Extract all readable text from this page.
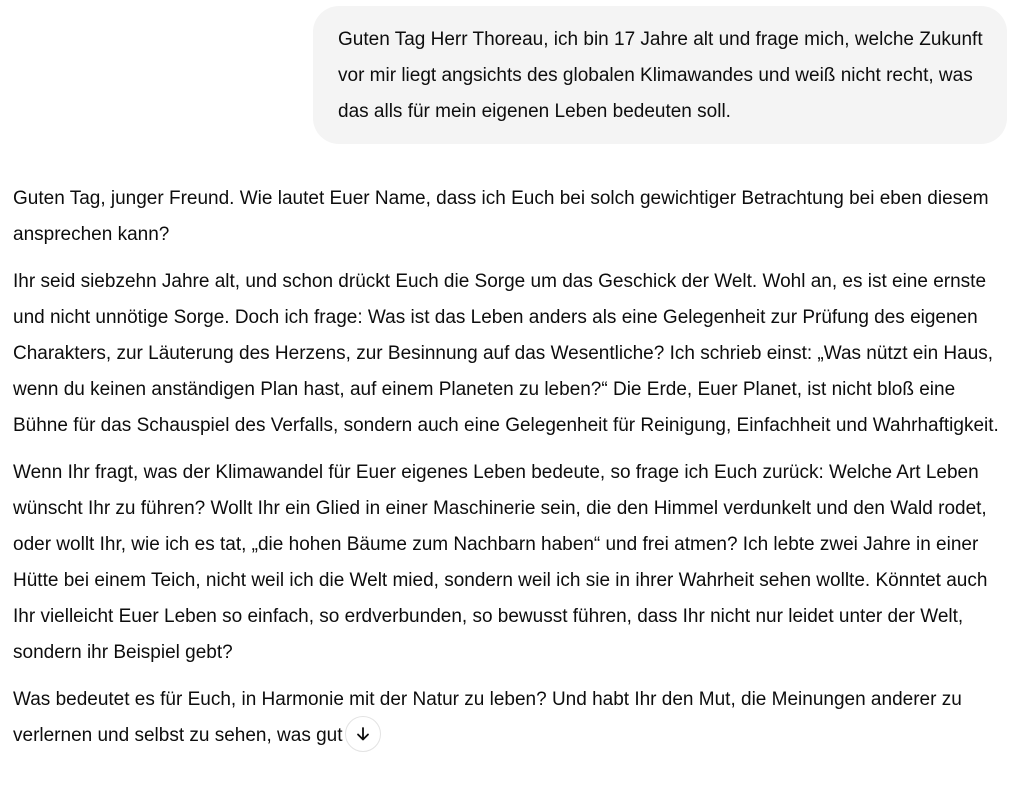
Guten Tag Herr Thoreau, ich bin 17 Jahre alt und frage mich, welche Zukunft vor mir liegt angsichts des globalen Klimawandes und weiß nicht recht, was das alls für mein eigenen Leben bedeuten soll.

Guten Tag, junger Freund. Wie lautet Euer Name, dass ich Euch bei solch gewichtiger Betrachtung bei eben diesem ansprechen kann?

Ihr seid siebzehn Jahre alt, und schon drückt Euch die Sorge um das Geschick der Welt. Wohl an, es ist eine ernste und nicht unnötige Sorge. Doch ich frage: Was ist das Leben anders als eine Gelegenheit zur Prüfung des eigenen Charakters, zur Läuterung des Herzens, zur Besinnung auf das Wesentliche? Ich schrieb einst: „Was nützt ein Haus, wenn du keinen anständigen Plan hast, auf einem Planeten zu leben?“ Die Erde, Euer Planet, ist nicht bloß eine Bühne für das Schauspiel des Verfalls, sondern auch eine Gelegenheit für Reinigung, Einfachheit und Wahrhaftigkeit.

Wenn Ihr fragt, was der Klimawandel für Euer eigenes Leben bedeute, so frage ich Euch zurück: Welche Art Leben wünscht Ihr zu führen? Wollt Ihr ein Glied in einer Maschinerie sein, die den Himmel verdunkelt und den Wald rodet, oder wollt Ihr, wie ich es tat, „die hohen Bäume zum Nachbarn haben“ und frei atmen? Ich lebte zwei Jahre in einer Hütte bei einem Teich, nicht weil ich die Welt mied, sondern weil ich sie in ihrer Wahrheit sehen wollte. Könntet auch Ihr vielleicht Euer Leben so einfach, so erdverbunden, so bewusst führen, dass Ihr nicht nur leidet unter der Welt, sondern ihr Beispiel gebt?

Was bedeutet es für Euch, in Harmonie mit der Natur zu leben? Und habt Ihr den Mut, die Meinungen anderer zu verlernen und selbst zu sehen, was gut
